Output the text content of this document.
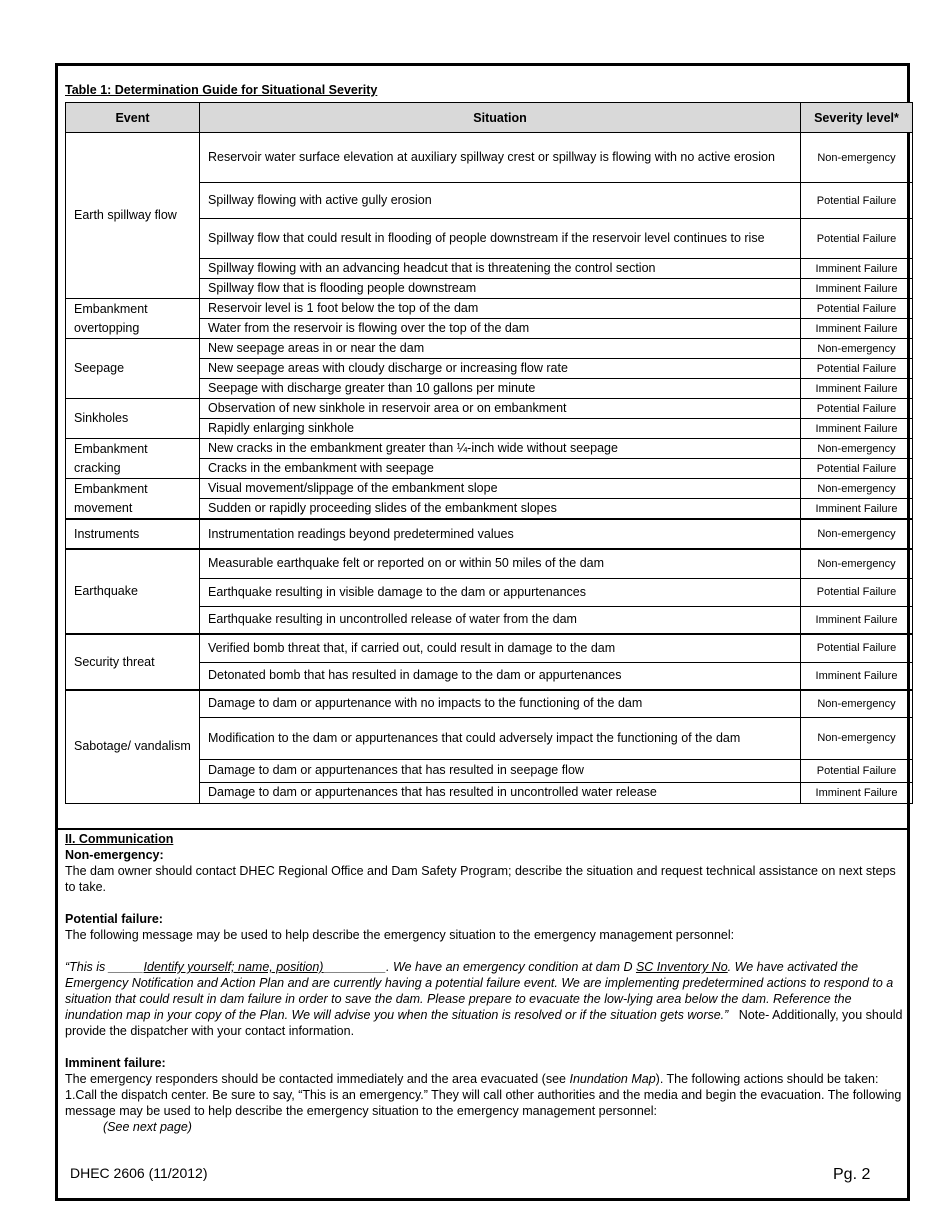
Table 1: Determination Guide for Situational Severity

Event	Situation	Severity level*
Earth spillway flow	Reservoir water surface elevation at auxiliary spillway crest or spillway is flowing with no active erosion	Non-emergency
	Spillway flowing with active gully erosion	Potential Failure
	Spillway flow that could result in flooding of people downstream if the reservoir level continues to rise	Potential Failure
	Spillway flowing with an advancing headcut that is threatening the control section	Imminent Failure
	Spillway flow that is flooding people downstream	Imminent Failure
Embankment overtopping	Reservoir level is 1 foot below the top of the dam	Potential Failure
	Water from the reservoir is flowing over the top of the dam	Imminent Failure
Seepage	New seepage areas in or near the dam	Non-emergency
	New seepage areas with cloudy discharge or increasing flow rate	Potential Failure
	Seepage with discharge greater than 10 gallons per minute	Imminent Failure
Sinkholes	Observation of new sinkhole in reservoir area or on embankment	Potential Failure
	Rapidly enlarging sinkhole	Imminent Failure
Embankment cracking	New cracks in the embankment greater than ¼-inch wide without seepage	Non-emergency
	Cracks in the embankment with seepage	Potential Failure
Embankment movement	Visual movement/slippage of the embankment slope	Non-emergency
	Sudden or rapidly proceeding slides of the embankment slopes	Imminent Failure
Instruments	Instrumentation readings beyond predetermined values	Non-emergency
Earthquake	Measurable earthquake felt or reported on or within 50 miles of the dam	Non-emergency
	Earthquake resulting in visible damage to the dam or appurtenances	Potential Failure
	Earthquake resulting in uncontrolled release of water from the dam	Imminent Failure
Security threat	Verified bomb threat that, if carried out, could result in damage to the dam	Potential Failure
	Detonated bomb that has resulted in damage to the dam or appurtenances	Imminent Failure
Sabotage/ vandalism	Damage to dam or appurtenance with no impacts to the functioning of the dam	Non-emergency
	Modification to the dam or appurtenances that could adversely impact the functioning of the dam	Non-emergency
	Damage to dam or appurtenances that has resulted in seepage flow	Potential Failure
	Damage to dam or appurtenances that has resulted in uncontrolled water release	Imminent Failure

II. Communication

Non-emergency:

The dam owner should contact DHEC Regional Office and Dam Safety Program; describe the situation and request technical assistance on next steps to take.

Potential failure:

The following message may be used to help describe the emergency situation to the emergency management personnel:

“This is _____Identify yourself; name, position)_________. We have an emergency condition at dam D SC Inventory No. We have activated the Emergency Notification and Action Plan and are currently having a potential failure event. We are implementing predetermined actions to respond to a situation that could result in dam failure in order to save the dam. Please prepare to evacuate the low-lying area below the dam. Reference the inundation map in your copy of the Plan. We will advise you when the situation is resolved or if the situation gets worse.” Note- Additionally, you should provide the dispatcher with your contact information.

Imminent failure:

The emergency responders should be contacted immediately and the area evacuated (see Inundation Map). The following actions should be taken:

1.Call the dispatch center. Be sure to say, “This is an emergency.” They will call other authorities and the media and begin the evacuation. The following message may be used to help describe the emergency situation to the emergency management personnel:

(See next page)

DHEC 2606 (11/2012)	Pg. 2
